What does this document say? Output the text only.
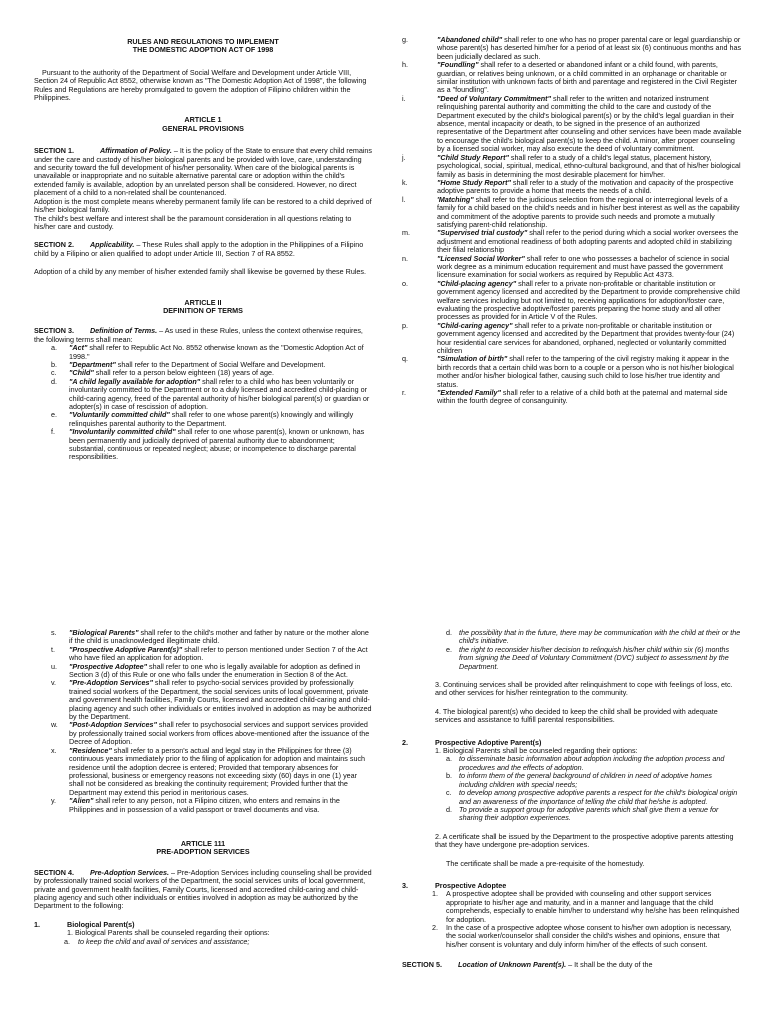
RULES AND REGULATIONS TO IMPLEMENT
THE DOMESTIC ADOPTION ACT OF 1998
Pursuant to the authority of the Department of Social Welfare and Development under Article VIII, Section 24 of Republic Act 8552, otherwise known as "The Domestic Adoption Act of 1998", the following Rules and Regulations are hereby promulgated to govern the adoption of Filipino children within the Philippines.
ARTICLE 1
GENERAL PROVISIONS
SECTION 1.	Affirmation of Policy. – It is the policy of the State to ensure that every child remains under the care and custody of his/her biological parents and be provided with love, care, understanding and security toward the full development of his/her personality. When care of the biological parents is unavailable or inappropriate and no suitable alternative parental care or adoption within the child's extended family is available, adoption by an unrelated person shall be considered. However, no direct placement of a child to a non-related shall be countenanced.
Adoption is the most complete means whereby permanent family life can be restored to a child deprived of his/her biological family.
The child's best welfare and interest shall be the paramount consideration in all questions relating to his/her care and custody.
SECTION 2. Applicability. – These Rules shall apply to the adoption in the Philippines of a Filipino child by a Filipino or alien qualified to adopt under Article III, Section 7 of RA 8552.
Adoption of a child by any member of his/her extended family shall likewise be governed by these Rules.
ARTICLE II
DEFINITION OF TERMS
SECTION 3. Definition of Terms. – As used in these Rules, unless the context otherwise requires, the following terms shall mean:
a.	"Act" shall refer to Republic Act No. 8552 otherwise known as the "Domestic Adoption Act of 1998."
b.	"Department" shall refer to the Department of Social Welfare and Development.
c.	"Child" shall refer to a person below eighteen (18) years of age.
d.	"A child legally available for adoption" shall refer to a child who has been voluntarily or involuntarily committed to the Department or to a duly licensed and accredited child-placing or child-caring agency, freed of the parental authority of his/her biological parent(s) or guardian or adopter(s) in case of rescission of adoption.
e.	"Voluntarily committed child" shall refer to one whose parent(s) knowingly and willingly relinquishes parental authority to the Department.
f.	"Involuntarily committed child" shall refer to one whose parent(s), known or unknown, has been permanently and judicially deprived of parental authority due to abandonment; substantial, continuous or repeated neglect; abuse; or incompetence to discharge parental responsibilities.
g.	"Abandoned child" shall refer to one who has no proper parental care or legal guardianship or whose parent(s) has deserted him/her for a period of at least six (6) continuous months and has been judicially declared as such.
h.	"Foundling" shall refer to a deserted or abandoned infant or a child found, with parents, guardian, or relatives being unknown, or a child committed in an orphanage or charitable or similar institution with unknown facts of birth and parentage and registered in the Civil Register as a "foundling".
i.	"Deed of Voluntary Commitment" shall refer to the written and notarized instrument relinquishing parental authority and committing the child to the care and custody of the Department executed by the child's biological parent(s) or by the child's legal guardian in their absence, mental incapacity or death, to be signed in the presence of an authorized representative of the Department after counseling and other services have been made available to encourage the child's biological parent(s) to keep the child. A minor, after proper counseling by a licensed social worker, may also execute the deed of voluntary commitment.
j.	"Child Study Report" shall refer to a study of a child's legal status, placement history, psychological, social, spiritual, medical, ethno-cultural background, and that of his/her biological family as basis in determining the most desirable placement for him/her.
k.	"Home Study Report" shall refer to a study of the motivation and capacity of the prospective adoptive parents to provide a home that meets the needs of a child.
l.	'Matching" shall refer to the judicious selection from the regional or interregional levels of a family for a child based on the child's needs and in his/her best interest as well as the capability and commitment of the adoptive parents to provide such needs and promote a mutually satisfying parent-child relationship.
m.	"Supervised trial custody" shall refer to the period during which a social worker oversees the adjustment and emotional readiness of both adopting parents and adopted child in stabilizing their filial relationship
n.	"Licensed Social Worker" shall refer to one who possesses a bachelor of science in social work degree as a minimum education requirement and must have passed the government licensure examination for social workers as required by Republic Act 4373.
o.	"Child-placing agency" shall refer to a private non-profitable or charitable institution or government agency licensed and accredited by the Department to provide comprehensive child welfare services including but not limited to, receiving applications for adoption/foster care, evaluating the prospective adoptive/foster parents preparing the home study and all other processes as provided for in Article V of the Rules.
p.	"Child-caring agency" shall refer to a private non-profitable or charitable institution or government agency licensed and accredited by the Department that provides twenty-four (24) hour residential care services for abandoned, orphaned, neglected or voluntarily committed children
q.	"Simulation of birth" shall refer to the tampering of the civil registry making it appear in the birth records that a certain child was born to a couple or a person who is not his/her biological mother and/or his/her biological father, causing such child to lose his/her true identity and status.
r.	"Extended Family" shall refer to a relative of a child both at the paternal and maternal side within the fourth degree of consanguinity.
s.	"Biological Parents" shall refer to the child's mother and father by nature or the mother alone if the child is unacknowledged illegitimate child.
t.	"Prospective Adoptive Parent(s)" shall refer to person mentioned under Section 7 of the Act who have filed an application for adoption.
u.	"Prospective Adoptee" shall refer to one who is legally available for adoption as defined in Section 3 (d) of this Rule or one who falls under the enumeration in Section 8 of the Act.
v.	"Pre-Adoption Services" shall refer to psycho-social services provided by professionally trained social workers of the Department, the social services units of local government, private and government health facilities, Family Courts, licensed and accredited child-caring and child-placing agency and such other individuals or entities involved in adoption as may be authorized by the Department.
w.	"Post-Adoption Services" shall refer to psychosocial services and support services provided by professionally trained social workers from offices above-mentioned after the issuance of the Decree of Adoption.
x.	"Residence" shall refer to a person's actual and legal stay in the Philippines for three (3) continuous years immediately prior to the filing of application for adoption and maintains such residence until the adoption decree is entered; Provided that temporary absences for professional, business or emergency reasons not exceeding sixty (60) days in one (1) year shall not be considered as breaking the continuity requirement; Provided further that the Department may extend this period in meritorious cases.
y.	"Alien" shall refer to any person, not a Filipino citizen, who enters and remains in the Philippines and in possession of a valid passport or travel documents and visa.
ARTICLE 111
PRE-ADOPTION SERVICES
SECTION 4. Pre-Adoption Services. – Pre-Adoption Services including counseling shall be provided by professionally trained social workers of the Department, the social services units of local government, private and government health facilities, Family Courts, licensed and accredited child-caring and child-placing agency and such other individuals or entities involved in adoption as may be authorized by the Department to the following:
1.	Biological Parent(s)
1. Biological Parents shall be counseled regarding their options:
a. to keep the child and avail of services and assistance;
d. the possibility that in the future, there may be communication with the child at their or the child's initiative.
e. the right to reconsider his/her decision to relinquish his/her child within six (6) months from signing the Deed of Voluntary Commitment (DVC) subject to assessment by the Department.
3. Continuing services shall be provided after relinquishment to cope with feelings of loss, etc. and other services for his/her reintegration to the community.
4. The biological parent(s) who decided to keep the child shall be provided with adequate services and assistance to fulfill parental responsibilities.
2.	Prospective Adoptive Parent(s)
1. Biological Parents shall be counseled regarding their options:
a. to disseminate basic information about adoption including the adoption process and procedures and the effects of adoption.
b. to inform them of the general background of children in need of adoptive homes including children with special needs;
c. to develop among prospective adoptive parents a respect for the child's biological origin and an awareness of the importance of telling the child that he/she is adopted.
d. To provide a support group for adoptive parents which shall give them a venue for sharing their adoption experiences.
2. A certificate shall be issued by the Department to the prospective adoptive parents attesting that they have undergone pre-adoption services.
The certificate shall be made a pre-requisite of the homestudy.
3.	Prospective Adoptee
1. A prospective adoptee shall be provided with counseling and other support services appropriate to his/her age and maturity, and in a manner and language that the child comprehends, especially to enable him/her to understand why he/she has been relinquished for adoption.
2. In the case of a prospective adoptee whose consent to his/her own adoption is necessary, the social worker/counselor shall consider the child's wishes and opinions, ensure that his/her consent is voluntary and duly inform him/her of the effects of such consent.
SECTION 5. Location of Unknown Parent(s). – It shall be the duty of the
